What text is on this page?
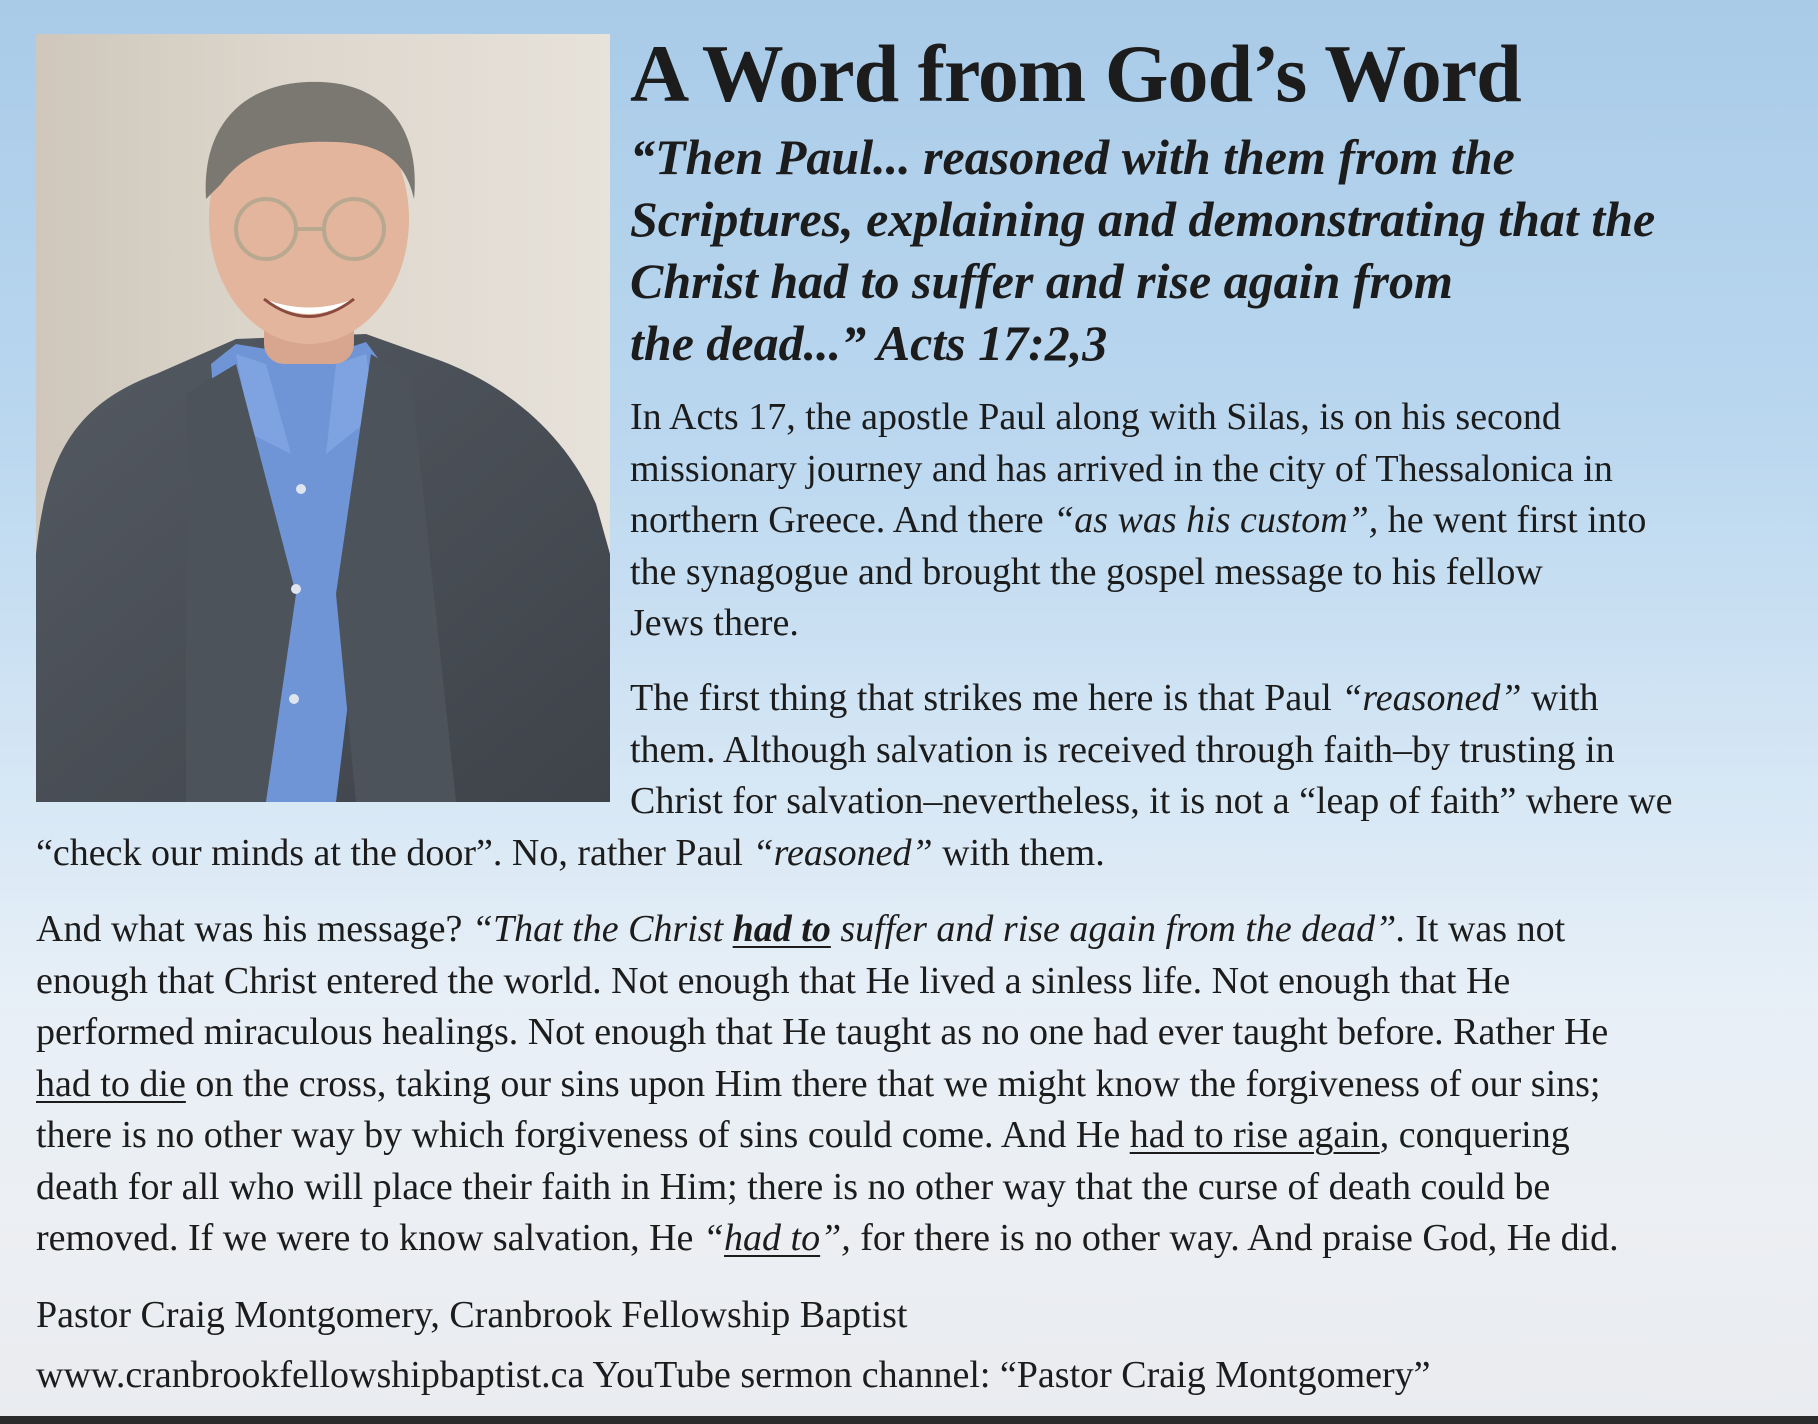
A Word from God’s Word

“Then Paul... reasoned with them from the
Scriptures, explaining and demonstrating that the
Christ had to suffer and rise again from
the dead...” Acts 17:2,3

In Acts 17, the apostle Paul along with Silas, is on his second
missionary journey and has arrived in the city of Thessalonica in
northern Greece. And there “as was his custom”, he went first into
the synagogue and brought the gospel message to his fellow
Jews there.

The first thing that strikes me here is that Paul “reasoned” with
them. Although salvation is received through faith–by trusting in
Christ for salvation–nevertheless, it is not a “leap of faith” where we
“check our minds at the door”. No, rather Paul “reasoned” with them.

And what was his message? “That the Christ had to suffer and rise again from the dead”. It was not
enough that Christ entered the world. Not enough that He lived a sinless life. Not enough that He
performed miraculous healings. Not enough that He taught as no one had ever taught before. Rather He
had to die on the cross, taking our sins upon Him there that we might know the forgiveness of our sins;
there is no other way by which forgiveness of sins could come. And He had to rise again, conquering
death for all who will place their faith in Him; there is no other way that the curse of death could be
removed. If we were to know salvation, He “had to”, for there is no other way. And praise God, He did.

Pastor Craig Montgomery, Cranbrook Fellowship Baptist

www.cranbrookfellowshipbaptist.ca YouTube sermon channel: “Pastor Craig Montgomery”
